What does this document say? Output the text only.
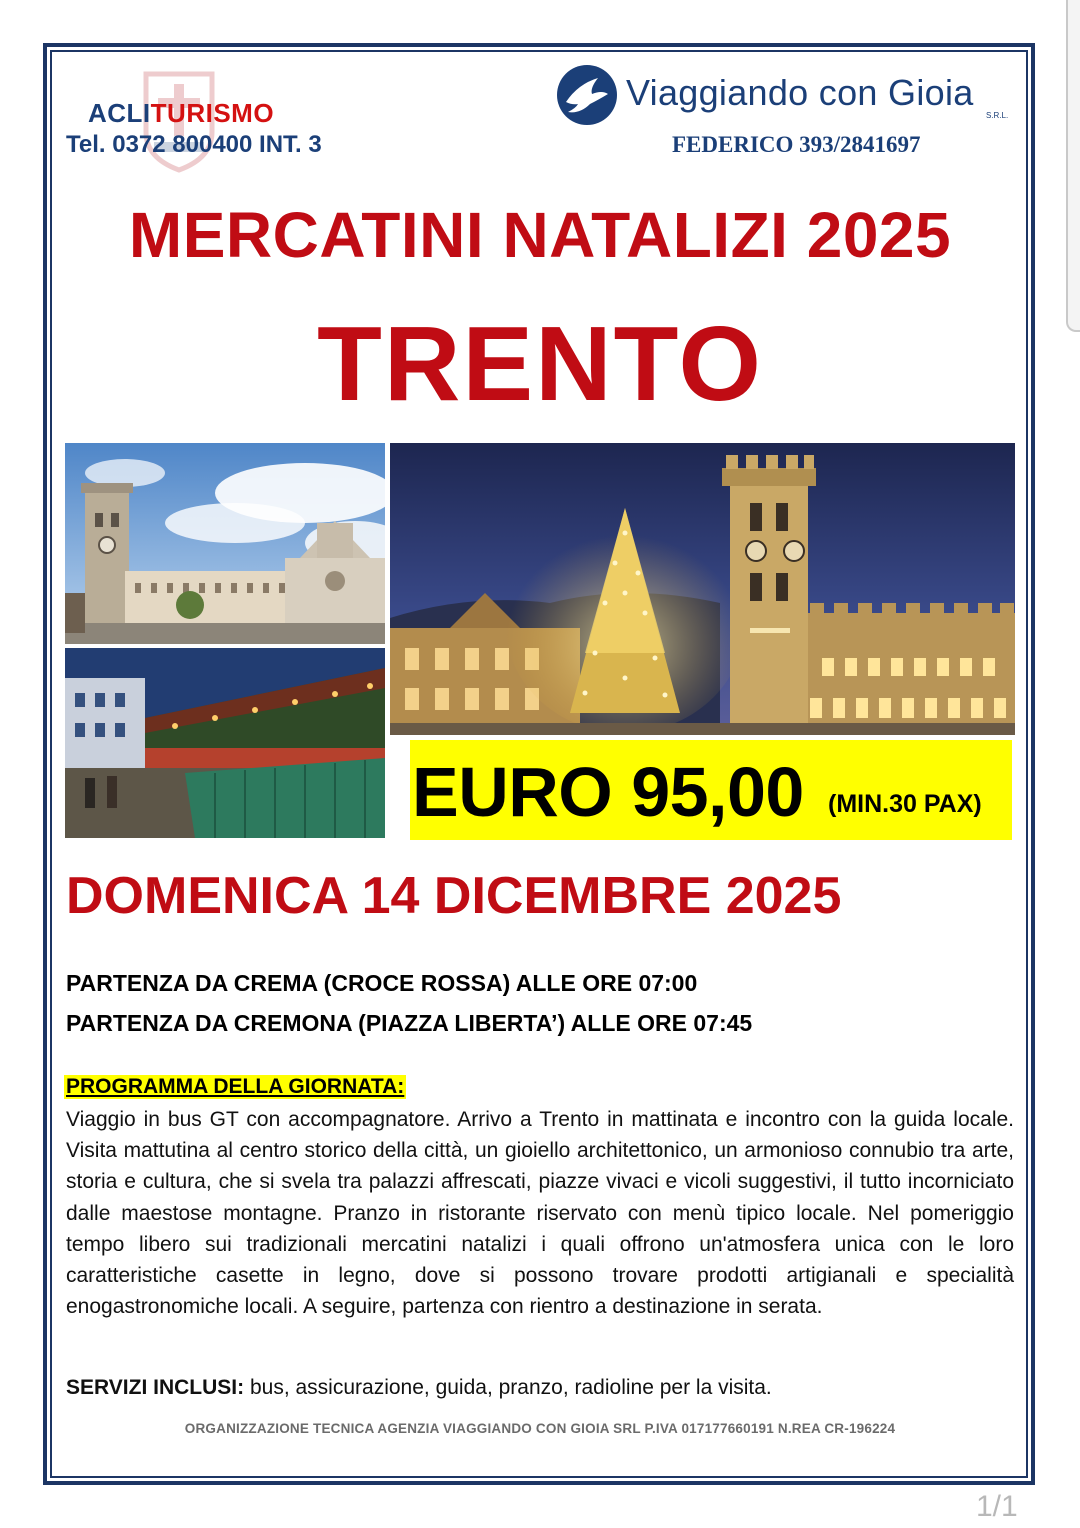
ACLITURISMO
Tel. 0372 800400 INT. 3
Viaggiando con Gioia
S.R.L.
FEDERICO 393/2841697
MERCATINI NATALIZI 2025
TRENTO
EURO 95,00 (MIN.30 PAX)
DOMENICA 14 DICEMBRE 2025
PARTENZA DA CREMA (CROCE ROSSA) ALLE ORE 07:00
PARTENZA DA CREMONA (PIAZZA LIBERTA’) ALLE ORE 07:45
PROGRAMMA DELLA GIORNATA:
Viaggio in bus GT con accompagnatore. Arrivo a Trento in mattinata e incontro con la guida locale. Visita mattutina al centro storico della città, un gioiello architettonico, un armonioso connubio tra arte, storia e cultura, che si svela tra palazzi affrescati, piazze vivaci e vicoli suggestivi, il tutto incorniciato dalle maestose montagne. Pranzo in ristorante riservato con menù tipico locale. Nel pomeriggio tempo libero sui tradizionali mercatini natalizi i quali offrono un'atmosfera unica con le loro caratteristiche casette in legno, dove si possono trovare prodotti artigianali e specialità enogastronomiche locali. A seguire, partenza con rientro a destinazione in serata.
SERVIZI INCLUSI: bus, assicurazione, guida, pranzo, radioline per la visita.
ORGANIZZAZIONE TECNICA AGENZIA VIAGGIANDO CON GIOIA SRL P.IVA 017177660191 N.REA CR-196224
1/1
